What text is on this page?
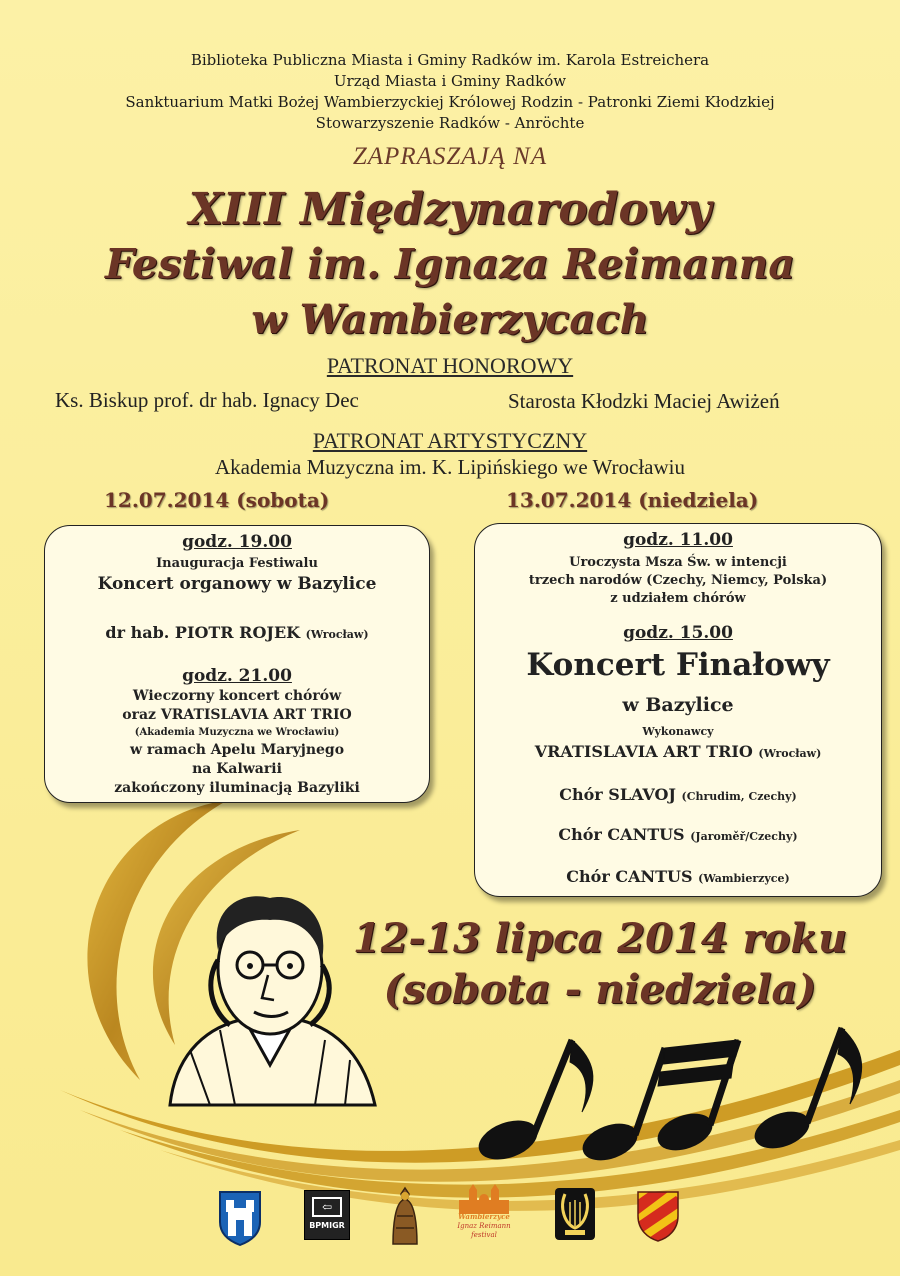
Biblioteka Publiczna Miasta i Gminy Radków im. Karola Estreichera
Urząd Miasta i Gminy Radków
Sanktuarium Matki Bożej Wambierzyckiej Królowej Rodzin - Patronki Ziemi Kłodzkiej
Stowarzyszenie Radków - Anröchte
ZAPRASZAJĄ NA
XIII Międzynarodowy
Festiwal im. Ignaza Reimanna
w Wambierzycach
PATRONAT HONOROWY
Ks. Biskup prof. dr hab. Ignacy Dec	Starosta Kłodzki Maciej Awiżeń
PATRONAT ARTYSTYCZNY
Akademia Muzyczna im. K. Lipińskiego we Wrocławiu
12.07.2014 (sobota)	13.07.2014 (niedziela)
godz. 19.00
Inauguracja Festiwalu
Koncert organowy w Bazylice
dr hab. PIOTR ROJEK (Wrocław)
godz. 21.00
Wieczorny koncert chórów
oraz VRATISLAVIA ART TRIO
(Akademia Muzyczna we Wrocławiu)
w ramach Apelu Maryjnego
na Kalwarii
zakończony iluminacją Bazyliki
godz. 11.00
Uroczysta Msza Św. w intencji
trzech narodów (Czechy, Niemcy, Polska)
z udziałem chórów
godz. 15.00
Koncert Finałowy
w Bazylice
Wykonawcy
VRATISLAVIA ART TRIO (Wrocław)
Chór SLAVOJ (Chrudim, Czechy)
Chór CANTUS (Jaroměř/Czechy)
Chór CANTUS (Wambierzyce)
12-13 lipca 2014 roku
(sobota - niedziela)
⇦
BPMIGR
Wambierzyce
Ignaz Reimann
festival
